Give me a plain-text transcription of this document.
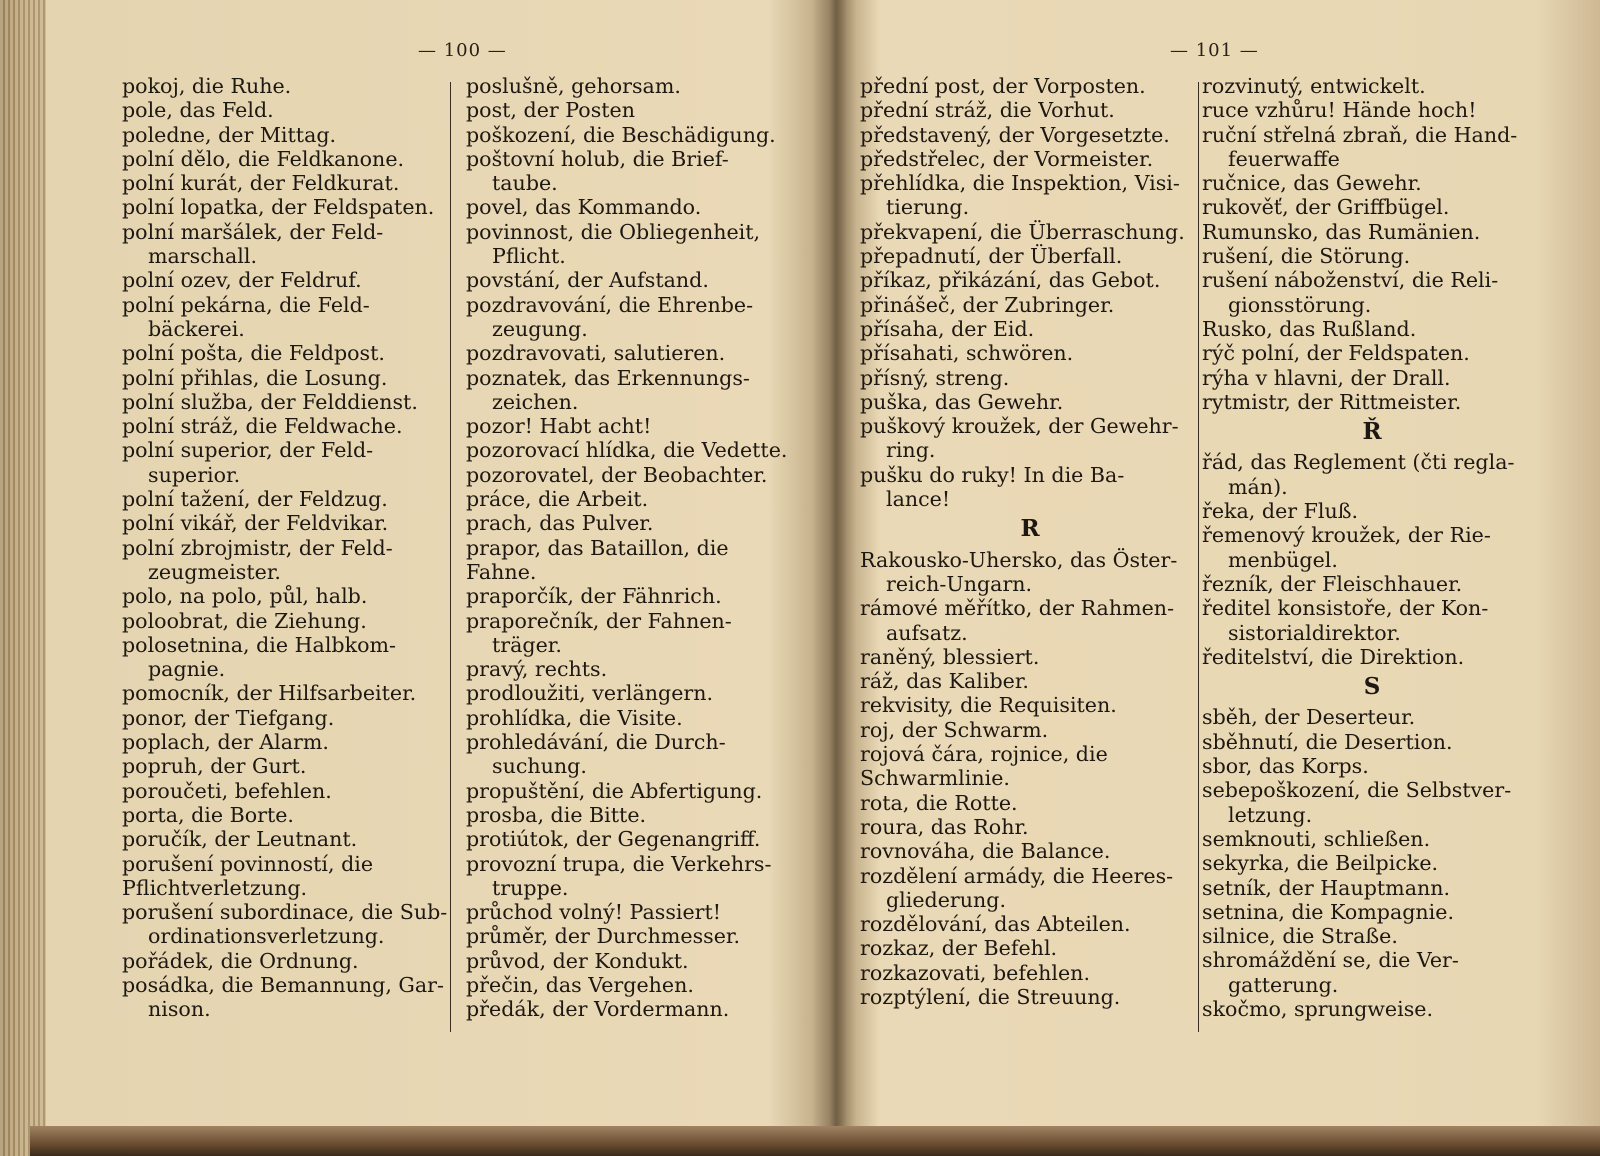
— 100 —
pokoj, die Ruhe.
pole, das Feld.
poledne, der Mittag.
polní dělo, die Feldkanone.
polní kurát, der Feldkurat.
polní lopatka, der Feldspaten.
polní maršálek, der Feld-
marschall.
polní ozev, der Feldruf.
polní pekárna, die Feld-
bäckerei.
polní pošta, die Feldpost.
polní přihlas, die Losung.
polní služba, der Felddienst.
polní stráž, die Feldwache.
polní superior, der Feld-
superior.
polní tažení, der Feldzug.
polní vikář, der Feldvikar.
polní zbrojmistr, der Feld-
zeugmeister.
polo, na polo, půl, halb.
poloobrat, die Ziehung.
polosetnina, die Halbkom-
pagnie.
pomocník, der Hilfsarbeiter.
ponor, der Tiefgang.
poplach, der Alarm.
popruh, der Gurt.
poroučeti, befehlen.
porta, die Borte.
poručík, der Leutnant.
porušení povinností, die
Pflichtverletzung.
porušení subordinace, die Sub-
ordinationsverletzung.
pořádek, die Ordnung.
posádka, die Bemannung, Gar-
nison.
poslušně, gehorsam.
post, der Posten
poškození, die Beschädigung.
poštovní holub, die Brief-
taube.
povel, das Kommando.
povinnost, die Obliegenheit,
Pflicht.
povstání, der Aufstand.
pozdravování, die Ehrenbe-
zeugung.
pozdravovati, salutieren.
poznatek, das Erkennungs-
zeichen.
pozor! Habt acht!
pozorovací hlídka, die Vedette.
pozorovatel, der Beobachter.
práce, die Arbeit.
prach, das Pulver.
prapor, das Bataillon, die
Fahne.
praporčík, der Fähnrich.
praporečník, der Fahnen-
träger.
pravý, rechts.
prodloužiti, verlängern.
prohlídka, die Visite.
prohledávání, die Durch-
suchung.
propuštění, die Abfertigung.
prosba, die Bitte.
protiútok, der Gegenangriff.
provozní trupa, die Verkehrs-
truppe.
průchod volný! Passiert!
průměr, der Durchmesser.
průvod, der Kondukt.
přečin, das Vergehen.
předák, der Vordermann.
— 101 —
přední post, der Vorposten.
přední stráž, die Vorhut.
představený, der Vorgesetzte.
předstřelec, der Vormeister.
přehlídka, die Inspektion, Visi-
tierung.
překvapení, die Überraschung.
přepadnutí, der Überfall.
příkaz, přikázání, das Gebot.
přinášeč, der Zubringer.
přísaha, der Eid.
přísahati, schwören.
přísný, streng.
puška, das Gewehr.
puškový kroužek, der Gewehr-
ring.
pušku do ruky! In die Ba-
lance!
R
Rakousko-Uhersko, das Öster-
reich-Ungarn.
rámové měřítko, der Rahmen-
aufsatz.
raněný, blessiert.
ráž, das Kaliber.
rekvisity, die Requisiten.
roj, der Schwarm.
rojová čára, rojnice, die
Schwarmlinie.
rota, die Rotte.
roura, das Rohr.
rovnováha, die Balance.
rozdělení armády, die Heeres-
gliederung.
rozdělování, das Abteilen.
rozkaz, der Befehl.
rozkazovati, befehlen.
rozptýlení, die Streuung.
rozvinutý, entwickelt.
ruce vzhůru! Hände hoch!
ruční střelná zbraň, die Hand-
feuerwaffe
ručnice, das Gewehr.
rukověť, der Griffbügel.
Rumunsko, das Rumänien.
rušení, die Störung.
rušení náboženství, die Reli-
gionsstörung.
Rusko, das Rußland.
rýč polní, der Feldspaten.
rýha v hlavni, der Drall.
rytmistr, der Rittmeister.
Ř
řád, das Reglement (čti regla-
mán).
řeka, der Fluß.
řemenový kroužek, der Rie-
menbügel.
řezník, der Fleischhauer.
ředitel konsistoře, der Kon-
sistorialdirektor.
ředitelství, die Direktion.
S
sběh, der Deserteur.
sběhnutí, die Desertion.
sbor, das Korps.
sebepoškození, die Selbstver-
letzung.
semknouti, schließen.
sekyrka, die Beilpicke.
setník, der Hauptmann.
setnina, die Kompagnie.
silnice, die Straße.
shromáždění se, die Ver-
gatterung.
skočmo, sprungweise.
